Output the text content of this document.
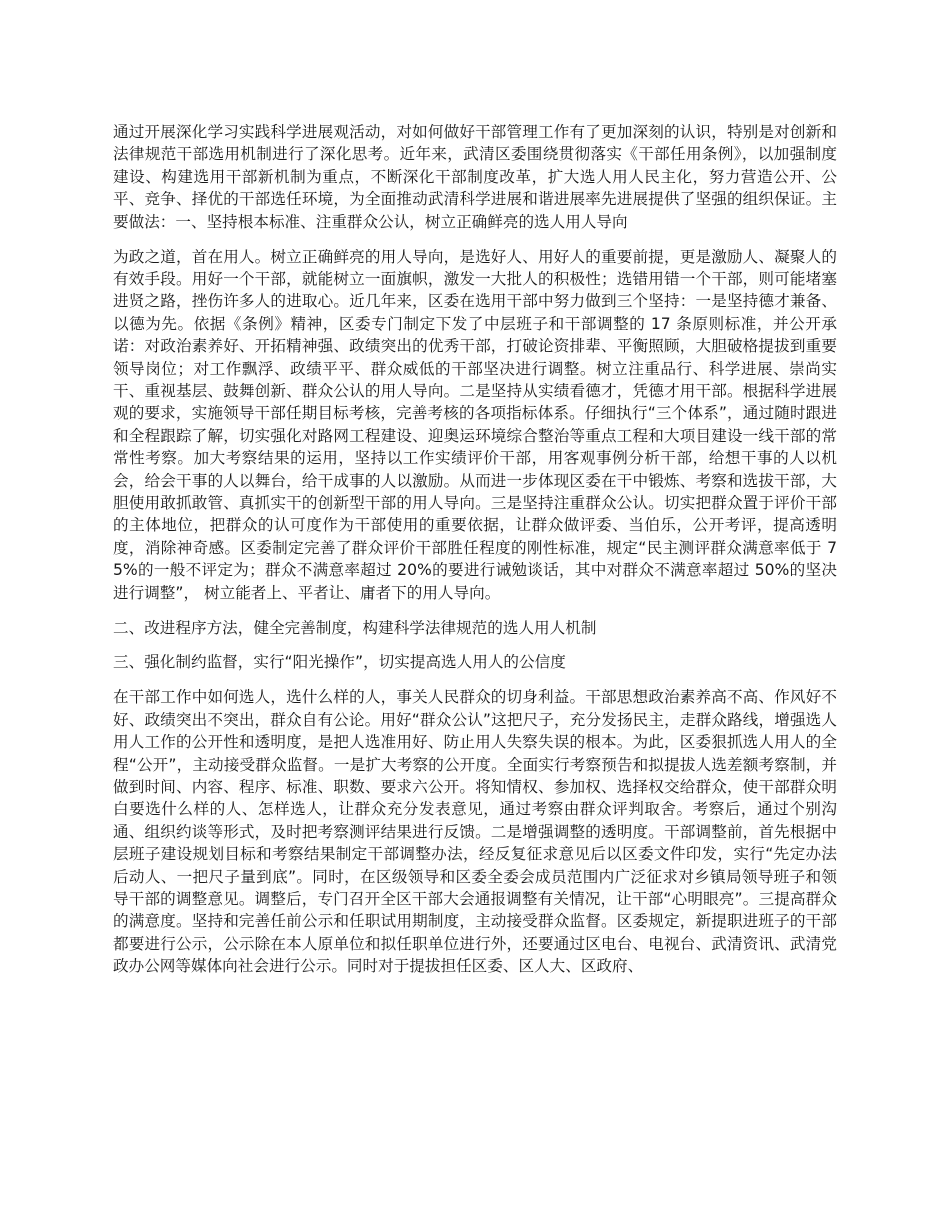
通过开展深化学习实践科学进展观活动，对如何做好干部管理工作有了更加深刻的认识，特别是对创新和法律规范干部选用机制进行了深化思考。近年来，武清区委围绕贯彻落实《干部任用条例》，以加强制度建设、构建选用干部新机制为重点，不断深化干部制度改革，扩大选人用人民主化，努力营造公开、公平、竞争、择优的干部选任环境，为全面推动武清科学进展和谐进展率先进展提供了坚强的组织保证。主要做法：一、坚持根本标准、注重群众公认，树立正确鲜亮的选人用人导向

为政之道，首在用人。树立正确鲜亮的用人导向，是选好人、用好人的重要前提，更是激励人、凝聚人的有效手段。用好一个干部，就能树立一面旗帜，激发一大批人的积极性；选错用错一个干部，则可能堵塞进贤之路，挫伤许多人的进取心。近几年来，区委在选用干部中努力做到三个坚持：一是坚持德才兼备、以德为先。依据《条例》精神，区委专门制定下发了中层班子和干部调整的 17 条原则标准，并公开承诺：对政治素养好、开拓精神强、政绩突出的优秀干部，打破论资排辈、平衡照顾，大胆破格提拔到重要领导岗位；对工作飘浮、政绩平平、群众威低的干部坚决进行调整。树立注重品行、科学进展、崇尚实干、重视基层、鼓舞创新、群众公认的用人导向。二是坚持从实绩看德才，凭德才用干部。根据科学进展观的要求，实施领导干部任期目标考核，完善考核的各项指标体系。仔细执行“三个体系”，通过随时跟进和全程跟踪了解，切实强化对路网工程建设、迎奥运环境综合整治等重点工程和大项目建设一线干部的常常性考察。加大考察结果的运用，坚持以工作实绩评价干部，用客观事例分析干部，给想干事的人以机会，给会干事的人以舞台，给干成事的人以激励。从而进一步体现区委在干中锻炼、考察和选拔干部，大胆使用敢抓敢管、真抓实干的创新型干部的用人导向。三是坚持注重群众公认。切实把群众置于评价干部的主体地位，把群众的认可度作为干部使用的重要依据，让群众做评委、当伯乐，公开考评，提高透明度，消除神奇感。区委制定完善了群众评价干部胜任程度的刚性标准，规定“民主测评群众满意率低于 75%的一般不评定为；群众不满意率超过 20%的要进行诫勉谈话，其中对群众不满意率超过 50%的坚决进行调整”， 树立能者上、平者让、庸者下的用人导向。

二、改进程序方法，健全完善制度，构建科学法律规范的选人用人机制

三、强化制约监督，实行“阳光操作”，切实提高选人用人的公信度

在干部工作中如何选人，选什么样的人，事关人民群众的切身利益。干部思想政治素养高不高、作风好不好、政绩突出不突出，群众自有公论。用好“群众公认”这把尺子，充分发扬民主，走群众路线，增强选人用人工作的公开性和透明度，是把人选准用好、防止用人失察失误的根本。为此，区委狠抓选人用人的全程“公开”，主动接受群众监督。一是扩大考察的公开度。全面实行考察预告和拟提拔人选差额考察制，并做到时间、内容、程序、标准、职数、要求六公开。将知情权、参加权、选择权交给群众，使干部群众明白要选什么样的人、怎样选人，让群众充分发表意见，通过考察由群众评判取舍。考察后，通过个别沟通、组织约谈等形式，及时把考察测评结果进行反馈。二是增强调整的透明度。干部调整前，首先根据中层班子建设规划目标和考察结果制定干部调整办法，经反复征求意见后以区委文件印发，实行“先定办法后动人、一把尺子量到底”。同时，在区级领导和区委全委会成员范围内广泛征求对乡镇局领导班子和领导干部的调整意见。调整后，专门召开全区干部大会通报调整有关情况，让干部“心明眼亮”。三提高群众的满意度。坚持和完善任前公示和任职试用期制度，主动接受群众监督。区委规定，新提职进班子的干部都要进行公示，公示除在本人原单位和拟任职单位进行外，还要通过区电台、电视台、武清资讯、武清党政办公网等媒体向社会进行公示。同时对于提拔担任区委、区人大、区政府、
